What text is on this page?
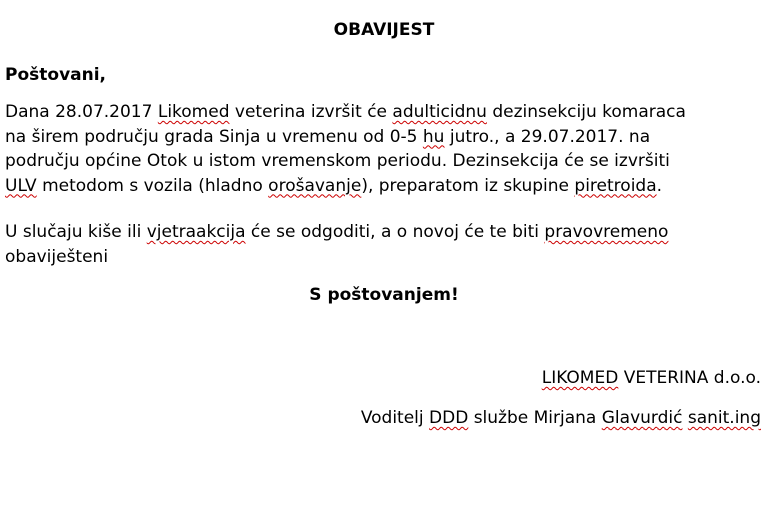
OBAVIJEST
Poštovani,
Dana 28.07.2017 Likomed veterina izvršit će adulticidnu dezinsekciju komaraca
na širem području grada Sinja u vremenu od 0-5 hu jutro., a 29.07.2017. na
području općine Otok u istom vremenskom periodu. Dezinsekcija će se izvršiti
ULV metodom s vozila (hladno orošavanje), preparatom iz skupine piretroida.
U slučaju kiše ili vjetraakcija će se odgoditi, a o novoj će te biti pravovremeno
obaviješteni
S poštovanjem!
LIKOMED VETERINA d.o.o.
Voditelj DDD službe Mirjana Glavurdić sanit.ing
